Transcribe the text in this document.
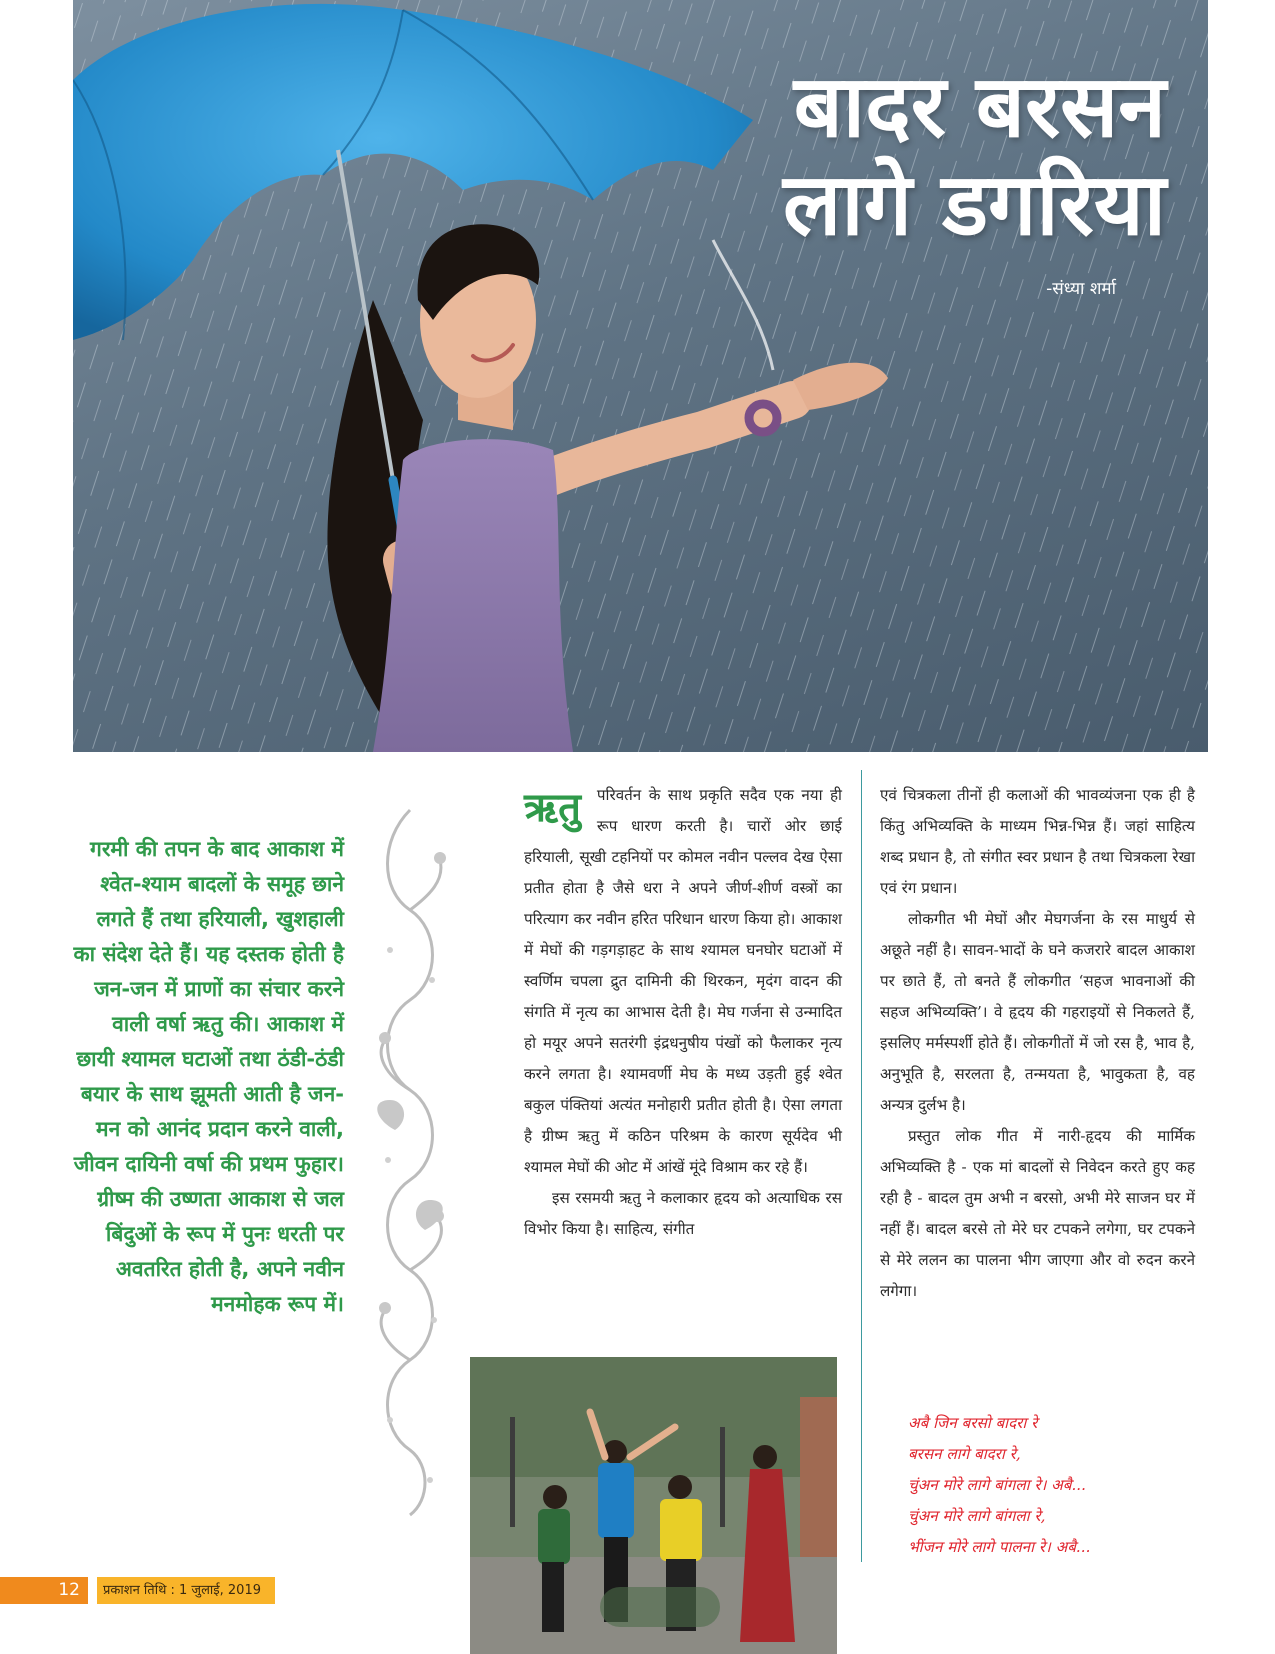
बादर बरसन
लागे डगरिया
-संध्या शर्मा

गरमी की तपन के बाद आकाश में श्वेत-श्याम बादलों के समूह छाने लगते हैं तथा हरियाली, खुशहाली का संदेश देते हैं। यह दस्तक होती है जन-जन में प्राणों का संचार करने वाली वर्षा ऋतु की। आकाश में छायी श्यामल घटाओं तथा ठंडी-ठंडी बयार के साथ झूमती आती है जन-मन को आनंद प्रदान करने वाली, जीवन दायिनी वर्षा की प्रथम फुहार। ग्रीष्म की उष्णता आकाश से जल बिंदुओं के रूप में पुनः धरती पर अवतरित होती है, अपने नवीन मनमोहक रूप में।

ऋतु	परिवर्तन के साथ प्रकृति सदैव एक नया ही रूप धारण करती है। चारों ओर छाई हरियाली, सूखी टहनियों पर कोमल नवीन पल्लव देख ऐसा प्रतीत होता है जैसे धरा ने अपने जीर्ण-शीर्ण वस्त्रों का परित्याग कर नवीन हरित परिधान धारण किया हो। आकाश में मेघों की गड़गड़ाहट के साथ श्यामल घनघोर घटाओं में स्वर्णिम चपला द्रुत दामिनी की थिरकन, मृदंग वादन की संगति में नृत्य का आभास देती है। मेघ गर्जना से उन्मादित हो मयूर अपने सतरंगी इंद्रधनुषीय पंखों को फैलाकर नृत्य करने लगता है। श्यामवर्णी मेघ के मध्य उड़ती हुई श्वेत बकुल पंक्तियां अत्यंत मनोहारी प्रतीत होती है। ऐसा लगता है ग्रीष्म ऋतु में कठिन परिश्रम के कारण सूर्यदेव भी श्यामल मेघों की ओट में आंखें मूंदे विश्राम कर रहे हैं।

इस रसमयी ऋतु ने कलाकार हृदय को अत्याधिक रस विभोर किया है। साहित्य, संगीत

एवं चित्रकला तीनों ही कलाओं की भावव्यंजना एक ही है किंतु अभिव्यक्ति के माध्यम भिन्न-भिन्न हैं। जहां साहित्य शब्द प्रधान है, तो संगीत स्वर प्रधान है तथा चित्रकला रेखा एवं रंग प्रधान।

लोकगीत भी मेघों और मेघगर्जना के रस माधुर्य से अछूते नहीं है। सावन-भादों के घने कजरारे बादल आकाश पर छाते हैं, तो बनते हैं लोकगीत ‘सहज भावनाओं की सहज अभिव्यक्ति’। वे हृदय की गहराइयों से निकलते हैं, इसलिए मर्मस्पर्शी होते हैं। लोकगीतों में जो रस है, भाव है, अनुभूति है, सरलता है, तन्मयता है, भावुकता है, वह अन्यत्र दुर्लभ है।

प्रस्तुत लोक गीत में नारी-हृदय की मार्मिक अभिव्यक्ति है - एक मां बादलों से निवेदन करते हुए कह रही है - बादल तुम अभी न बरसो, अभी मेरे साजन घर में नहीं हैं। बादल बरसे तो मेरे घर टपकने लगेगा, घर टपकने से मेरे ललन का पालना भीग जाएगा और वो रुदन करने लगेगा।

अबै जिन बरसो बादरा रे
बरसन लागे बादरा रे,
चुंअन मोरे लागे बांगला रे। अबै...
चुंअन मोरे लागे बांगला रे,
भींजन मोरे लागे पालना रे। अबै...
12	प्रकाशन तिथि : 1 जुलाई, 2019
